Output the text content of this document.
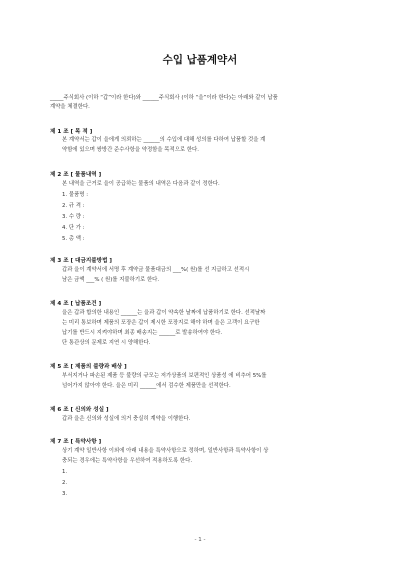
수입 납품계약서
_____주식회사 (이하 “갑”이라 한다)와 ______주식회사 (이하 “을”이라 한다)는 아래와 같이 납품
계약을 체결한다.
제 1 조 [ 목 적 ]
본 계약서는 갑이 을에게 의뢰하는 ______의 수입에 대해 성의를 다하여 납품할 것을 계
약함에 있으며 쌍방간 준수사항을 약정함을 목적으로 한다.
제 2 조 [ 물품내역 ]
본 내역을 근거로 을이 공급하는 물품의 내역은 다음과 같이 정한다.
1. 물품명 :
2. 규 격 :
3. 수 량 :
4. 단 가 :
5. 총 액 :
제 3 조 [ 대금지불방법 ]
갑과 을이 계약서에 서명 후 계약금 물품대금의 ___%( 원)를 선 지급하고 선적시
남은 금액 ___% ( 원)를 지불하기로 한다.
제 4 조 [ 납품조건 ]
을은 갑과 합의한 내용인 ______는 을과 갑이 약속한 날짜에 납품하기로 한다. 선적날짜
는 미리 통보하며 제품의 포장은 갑이 제시한 포장지로 해야 하며 을은 고객이 요구한
납기를 반드시 지켜야하며 최종 배송지는 ______로 발송하여야 한다.
단 통관상의 문제로 지연 시 양해한다.
제 5 조 [ 제품의 불량과 배상 ]
부서지거나 파손된 제품 등 불량의 규모는 저가상품의 보편적인 상품성 에 비추어 5%를
넘어가지 않아야 한다. 을은 미리 ______에서 검수한 제품만을 선적한다.
제 6 조 [ 신의와 성실 ]
갑과 을은 신의와 성실에 의거 충실히 계약을 이행한다.
제 7 조 [ 특약사항 ]
상기 계약 일반사항 이외에 아래 내용을 특약사항으로 정하며, 일반사항과 특약사항이 상
충되는 경우에는 특약사항을 우선하여 적용하도록 한다.
1.
2.
3.
- 1 -
